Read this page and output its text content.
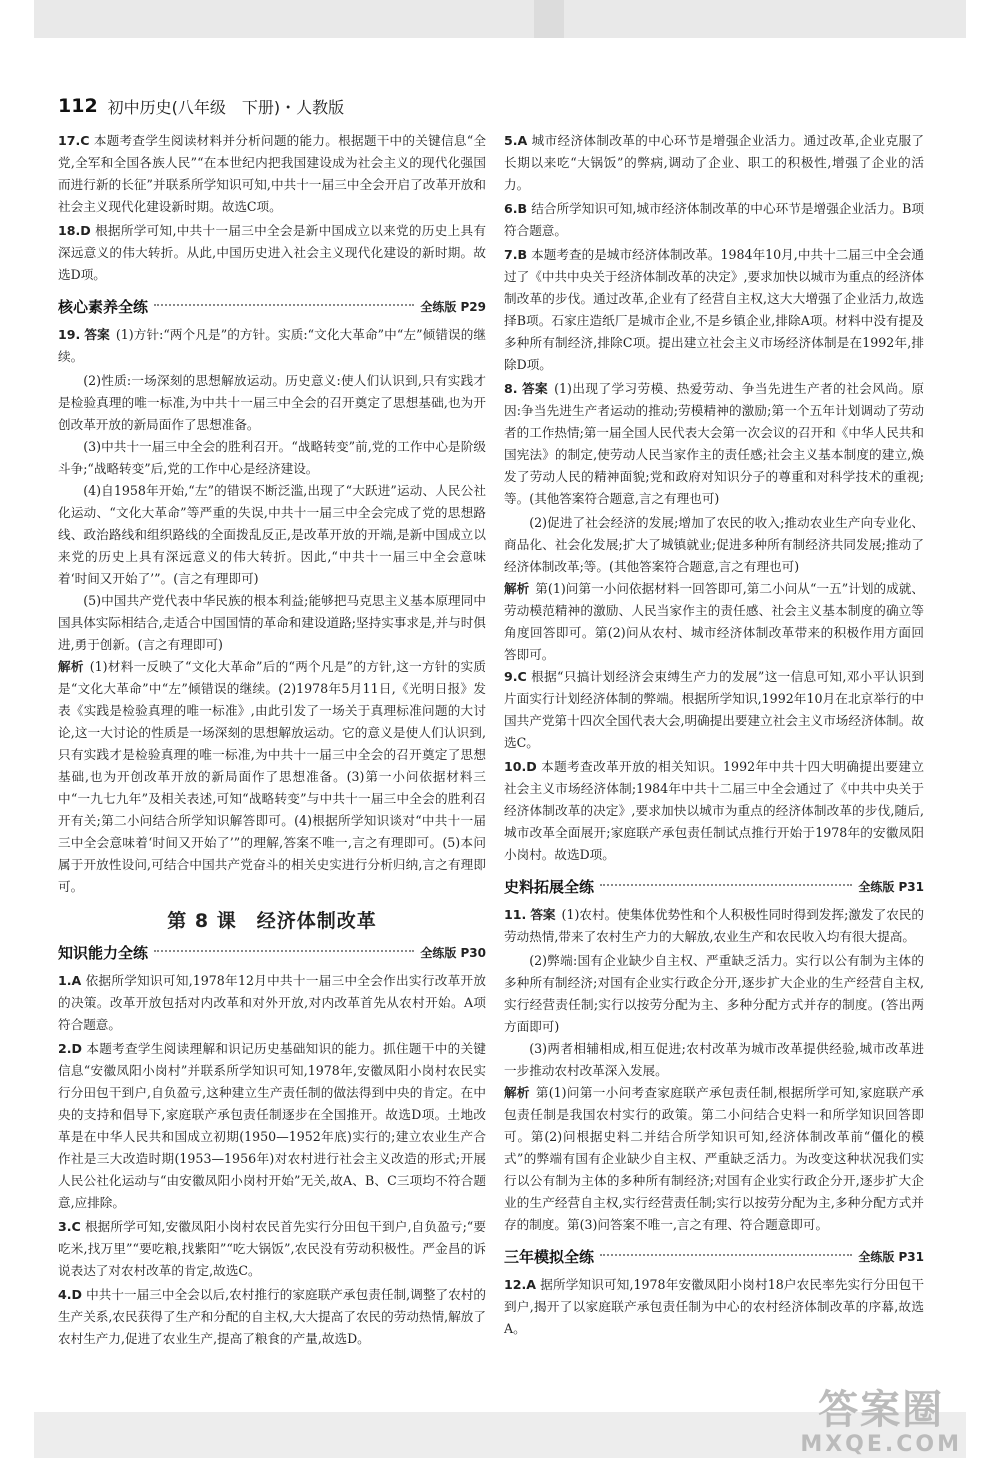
112 初中历史(八年级　下册)・人教版

17.C 本题考查学生阅读材料并分析问题的能力。根据题干中的关键信息“全党,全军和全国各族人民”“在本世纪内把我国建设成为社会主义的现代化强国而进行新的长征”并联系所学知识可知,中共十一届三中全会开启了改革开放和社会主义现代化建设新时期。故选C项。

18.D 根据所学可知,中共十一届三中全会是新中国成立以来党的历史上具有深远意义的伟大转折。从此,中国历史进入社会主义现代化建设的新时期。故选D项。

核心素养全练	全练版 P29

19. 答案 (1)方针:“两个凡是”的方针。实质:“文化大革命”中“左”倾错误的继续。

(2)性质:一场深刻的思想解放运动。历史意义:使人们认识到,只有实践才是检验真理的唯一标准,为中共十一届三中全会的召开奠定了思想基础,也为开创改革开放的新局面作了思想准备。

(3)中共十一届三中全会的胜利召开。“战略转变”前,党的工作中心是阶级斗争;“战略转变”后,党的工作中心是经济建设。

(4)自1958年开始,“左”的错误不断泛滥,出现了“大跃进”运动、人民公社化运动、“文化大革命”等严重的失误,中共十一届三中全会完成了党的思想路线、政治路线和组织路线的全面拨乱反正,是改革开放的开端,是新中国成立以来党的历史上具有深远意义的伟大转折。因此,“中共十一届三中全会意味着‘时间又开始了’”。(言之有理即可)

(5)中国共产党代表中华民族的根本利益;能够把马克思主义基本原理同中国具体实际相结合,走适合中国国情的革命和建设道路;坚持实事求是,并与时俱进,勇于创新。(言之有理即可)

解析 (1)材料一反映了“文化大革命”后的“两个凡是”的方针,这一方针的实质是“文化大革命”中“左”倾错误的继续。(2)1978年5月11日,《光明日报》发表《实践是检验真理的唯一标准》,由此引发了一场关于真理标准问题的大讨论,这一大讨论的性质是一场深刻的思想解放运动。它的意义是使人们认识到,只有实践才是检验真理的唯一标准,为中共十一届三中全会的召开奠定了思想基础,也为开创改革开放的新局面作了思想准备。(3)第一小问依据材料三中“一九七九年”及相关表述,可知“战略转变”与中共十一届三中全会的胜利召开有关;第二小问结合所学知识解答即可。(4)根据所学知识谈对“中共十一届三中全会意味着‘时间又开始了’”的理解,答案不唯一,言之有理即可。(5)本问属于开放性设问,可结合中国共产党奋斗的相关史实进行分析归纳,言之有理即可。

第 8 课　经济体制改革
知识能力全练	全练版 P30

1.A 依据所学知识可知,1978年12月中共十一届三中全会作出实行改革开放的决策。改革开放包括对内改革和对外开放,对内改革首先从农村开始。A项符合题意。

2.D 本题考查学生阅读理解和识记历史基础知识的能力。抓住题干中的关键信息“安徽凤阳小岗村”并联系所学知识可知,1978年,安徽凤阳小岗村农民实行分田包干到户,自负盈亏,这种建立生产责任制的做法得到中央的肯定。在中央的支持和倡导下,家庭联产承包责任制逐步在全国推开。故选D项。土地改革是在中华人民共和国成立初期(1950—1952年底)实行的;建立农业生产合作社是三大改造时期(1953—1956年)对农村进行社会主义改造的形式;开展人民公社化运动与“由安徽凤阳小岗村开始”无关,故A、B、C三项均不符合题意,应排除。

3.C 根据所学可知,安徽凤阳小岗村农民首先实行分田包干到户,自负盈亏;“要吃米,找万里”“要吃粮,找紫阳”“吃大锅饭”,农民没有劳动积极性。严金昌的诉说表达了对农村改革的肯定,故选C。

4.D 中共十一届三中全会以后,农村推行的家庭联产承包责任制,调整了农村的生产关系,农民获得了生产和分配的自主权,大大提高了农民的劳动热情,解放了农村生产力,促进了农业生产,提高了粮食的产量,故选D。

5.A 城市经济体制改革的中心环节是增强企业活力。通过改革,企业克服了长期以来吃“大锅饭”的弊病,调动了企业、职工的积极性,增强了企业的活力。

6.B 结合所学知识可知,城市经济体制改革的中心环节是增强企业活力。B项符合题意。

7.B 本题考查的是城市经济体制改革。1984年10月,中共十二届三中全会通过了《中共中央关于经济体制改革的决定》,要求加快以城市为重点的经济体制改革的步伐。通过改革,企业有了经营自主权,这大大增强了企业活力,故选择B项。石家庄造纸厂是城市企业,不是乡镇企业,排除A项。材料中没有提及多种所有制经济,排除C项。提出建立社会主义市场经济体制是在1992年,排除D项。

8. 答案 (1)出现了学习劳模、热爱劳动、争当先进生产者的社会风尚。原因:争当先进生产者运动的推动;劳模精神的激励;第一个五年计划调动了劳动者的工作热情;第一届全国人民代表大会第一次会议的召开和《中华人民共和国宪法》的制定,使劳动人民当家作主的责任感;社会主义基本制度的建立,焕发了劳动人民的精神面貌;党和政府对知识分子的尊重和对科学技术的重视;等。(其他答案符合题意,言之有理也可)

(2)促进了社会经济的发展;增加了农民的收入;推动农业生产向专业化、商品化、社会化发展;扩大了城镇就业;促进多种所有制经济共同发展;推动了经济体制改革;等。(其他答案符合题意,言之有理也可)

解析 第(1)问第一小问依据材料一回答即可,第二小问从“一五”计划的成就、劳动模范精神的激励、人民当家作主的责任感、社会主义基本制度的确立等角度回答即可。第(2)问从农村、城市经济体制改革带来的积极作用方面回答即可。

9.C 根据“只搞计划经济会束缚生产力的发展”这一信息可知,邓小平认识到片面实行计划经济体制的弊端。根据所学知识,1992年10月在北京举行的中国共产党第十四次全国代表大会,明确提出要建立社会主义市场经济体制。故选C。

10.D 本题考查改革开放的相关知识。1992年中共十四大明确提出要建立社会主义市场经济体制;1984年中共十二届三中全会通过了《中共中央关于经济体制改革的决定》,要求加快以城市为重点的经济体制改革的步伐,随后,城市改革全面展开;家庭联产承包责任制试点推行开始于1978年的安徽凤阳小岗村。故选D项。

史料拓展全练	全练版 P31

11. 答案 (1)农村。使集体优势性和个人积极性同时得到发挥;激发了农民的劳动热情,带来了农村生产力的大解放,农业生产和农民收入均有很大提高。

(2)弊端:国有企业缺少自主权、严重缺乏活力。实行以公有制为主体的多种所有制经济;对国有企业实行政企分开,逐步扩大企业的生产经营自主权,实行经营责任制;实行以按劳分配为主、多种分配方式并存的制度。(答出两方面即可)

(3)两者相辅相成,相互促进;农村改革为城市改革提供经验,城市改革进一步推动农村改革深入发展。

解析 第(1)问第一小问考查家庭联产承包责任制,根据所学可知,家庭联产承包责任制是我国农村实行的政策。第二小问结合史料一和所学知识回答即可。第(2)问根据史料二并结合所学知识可知,经济体制改革前“僵化的模式”的弊端有国有企业缺少自主权、严重缺乏活力。为改变这种状况我们实行以公有制为主体的多种所有制经济;对国有企业实行政企分开,逐步扩大企业的生产经营自主权,实行经营责任制;实行以按劳分配为主,多种分配方式并存的制度。第(3)问答案不唯一,言之有理、符合题意即可。

三年模拟全练	全练版 P31

12.A 据所学知识可知,1978年安徽凤阳小岗村18户农民率先实行分田包干到户,揭开了以家庭联产承包责任制为中心的农村经济体制改革的序幕,故选A。

答案圈
MXQE.COM
